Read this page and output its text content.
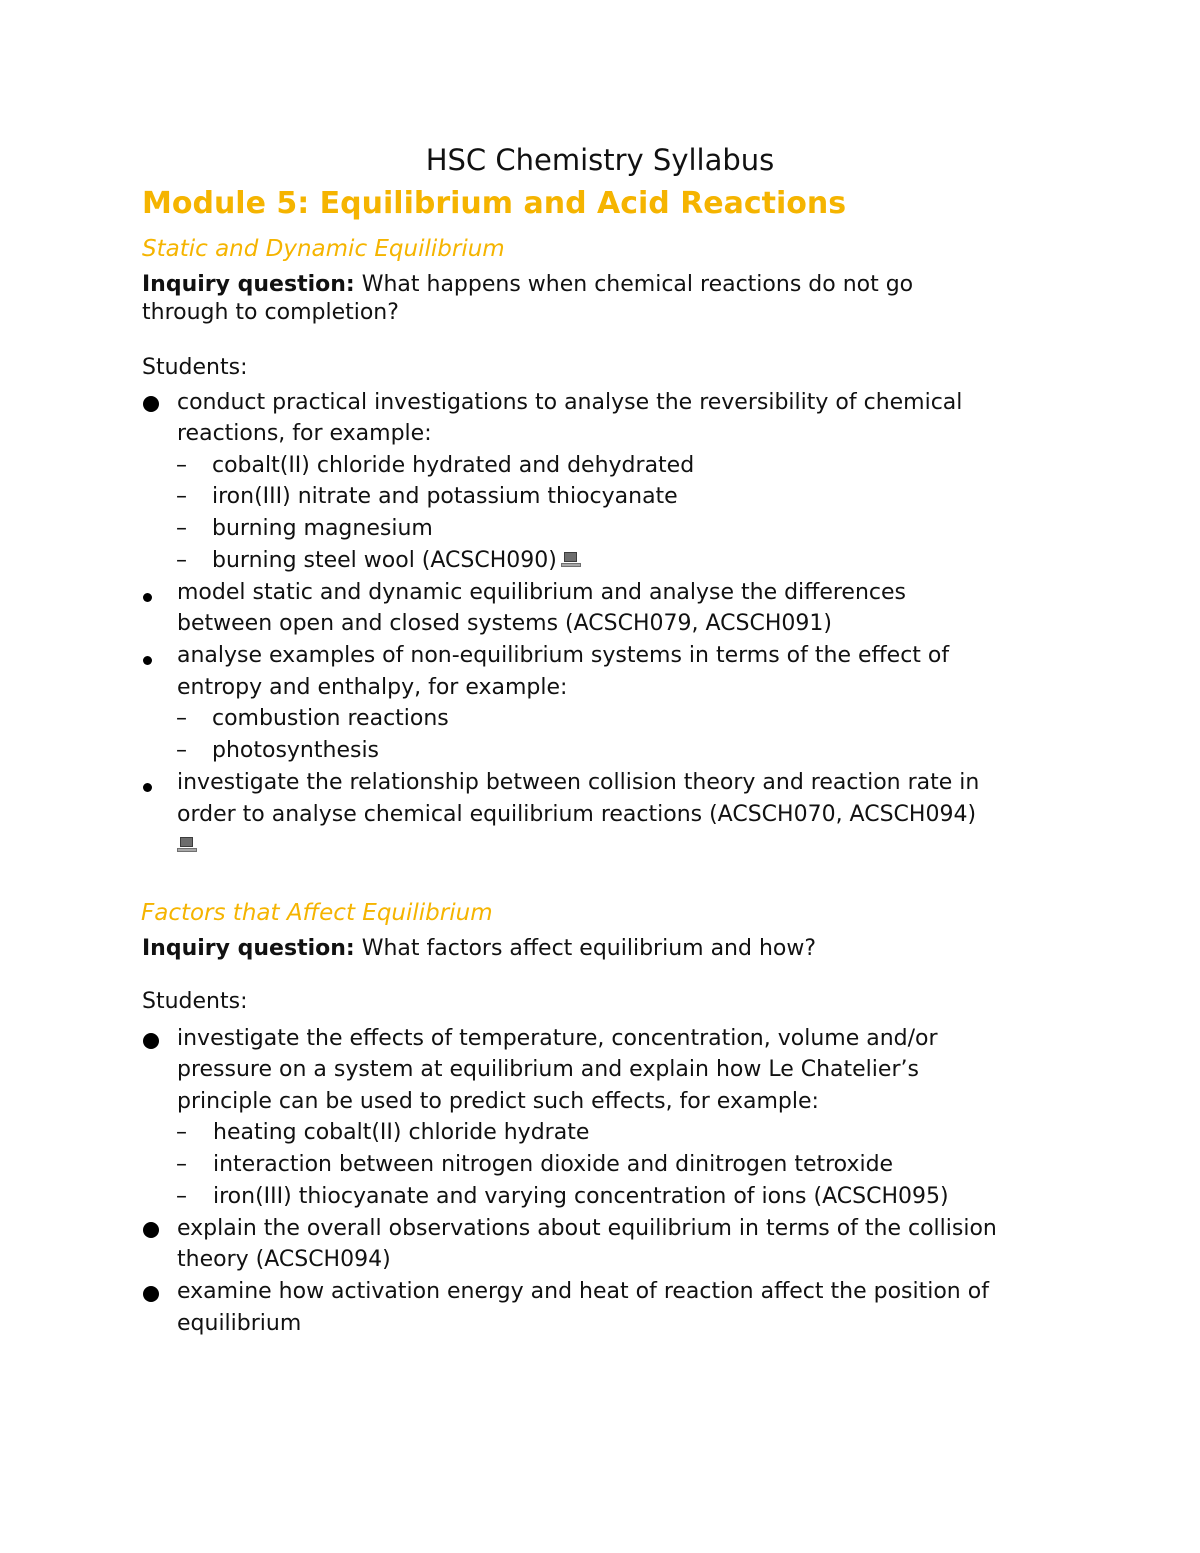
HSC Chemistry Syllabus
Module 5: Equilibrium and Acid Reactions
Static and Dynamic Equilibrium
Inquiry question: What happens when chemical reactions do not go
through to completion?
Students:
conduct practical investigations to analyse the reversibility of chemical
reactions, for example:
– cobalt(II) chloride hydrated and dehydrated
– iron(III) nitrate and potassium thiocyanate
– burning magnesium
– burning steel wool (ACSCH090)
model static and dynamic equilibrium and analyse the differences
between open and closed systems (ACSCH079, ACSCH091)
analyse examples of non-equilibrium systems in terms of the effect of
entropy and enthalpy, for example:
– combustion reactions
– photosynthesis
investigate the relationship between collision theory and reaction rate in
order to analyse chemical equilibrium reactions (ACSCH070, ACSCH094)
Factors that Affect Equilibrium
Inquiry question: What factors affect equilibrium and how?
Students:
investigate the effects of temperature, concentration, volume and/or
pressure on a system at equilibrium and explain how Le Chatelier’s
principle can be used to predict such effects, for example:
– heating cobalt(II) chloride hydrate
– interaction between nitrogen dioxide and dinitrogen tetroxide
– iron(III) thiocyanate and varying concentration of ions (ACSCH095)
explain the overall observations about equilibrium in terms of the collision
theory (ACSCH094)
examine how activation energy and heat of reaction affect the position of
equilibrium
